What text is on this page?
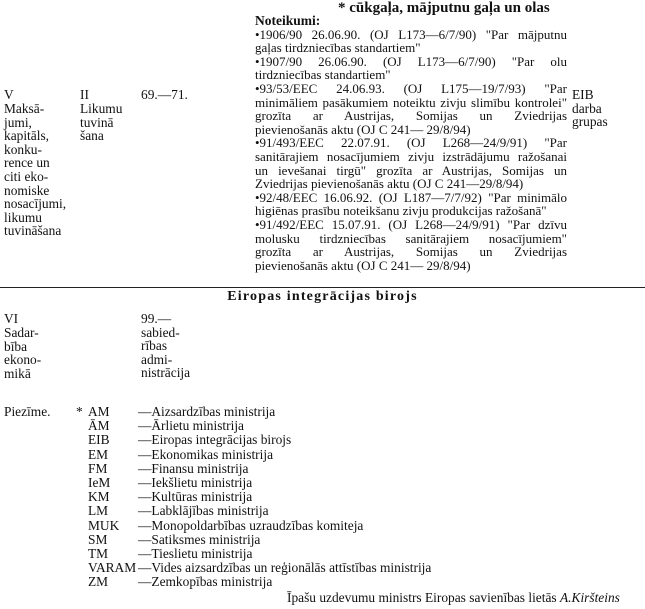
* cūkgaļa, mājputnu gaļa un olas
V
Maksā-
jumi,
kapitāls,
konku-
rence un
citi eko-
nomiske
nosacījumi,
likumu
tuvināšana
II
Likumu
tuvinā
šana
69.—71.	EIB
darba
grupas
Noteikumi:
•1906/90 26.06.90. (OJ L173—6/7/90) "Par mājputnu
gaļas tirdzniecības standartiem"
•1907/90 26.06.90. (OJ L173—6/7/90) "Par olu
tirdzniecības standartiem"
•93/53/EEC 24.06.93. (OJ L175—19/7/93) "Par
minimāliem pasākumiem noteiktu zivju slimību kontrolei"
grozīta ar Austrijas, Somijas un Zviedrijas
pievienošanās aktu (OJ C 241— 29/8/94)
•91/493/EEC 22.07.91. (OJ L268—24/9/91) "Par
sanitārajiem nosacījumiem zivju izstrādājumu ražošanai
un ievešanai tirgū" grozīta ar Austrijas, Somijas un
Zviedrijas pievienošanās aktu (OJ C 241—29/8/94)
•92/48/EEC 16.06.92. (OJ L187—7/7/92) "Par minimālo
higiēnas prasību noteikšanu zivju produkcijas ražošanā"
•91/492/EEC 15.07.91. (OJ L268—24/9/91) "Par dzīvu
molusku tirdzniecības sanitārajiem nosacījumiem"
grozīta ar Austrijas, Somijas un Zviedrijas
pievienošanās aktu (OJ C 241— 29/8/94)
Eiropas integrācijas birojs
VI
Sadar-
bība
ekono-
mikā
99.—
sabied-
rības
admi-
nistrācija
Piezīme. * AM —Aizsardzības ministrija
ĀM —Ārlietu ministrija
EIB —Eiropas integrācijas birojs
EM —Ekonomikas ministrija
FM —Finansu ministrija
IeM —Iekšlietu ministrija
KM —Kultūras ministrija
LM —Labklājības ministrija
MUK —Monopoldarbības uzraudzības komiteja
SM —Satiksmes ministrija
TM —Tieslietu ministrija
VARAM —Vides aizsardzības un reģionālās attīstības ministrija
ZM —Zemkopības ministrija
Īpašu uzdevumu ministrs Eiropas savienības lietās A.Kiršteins
